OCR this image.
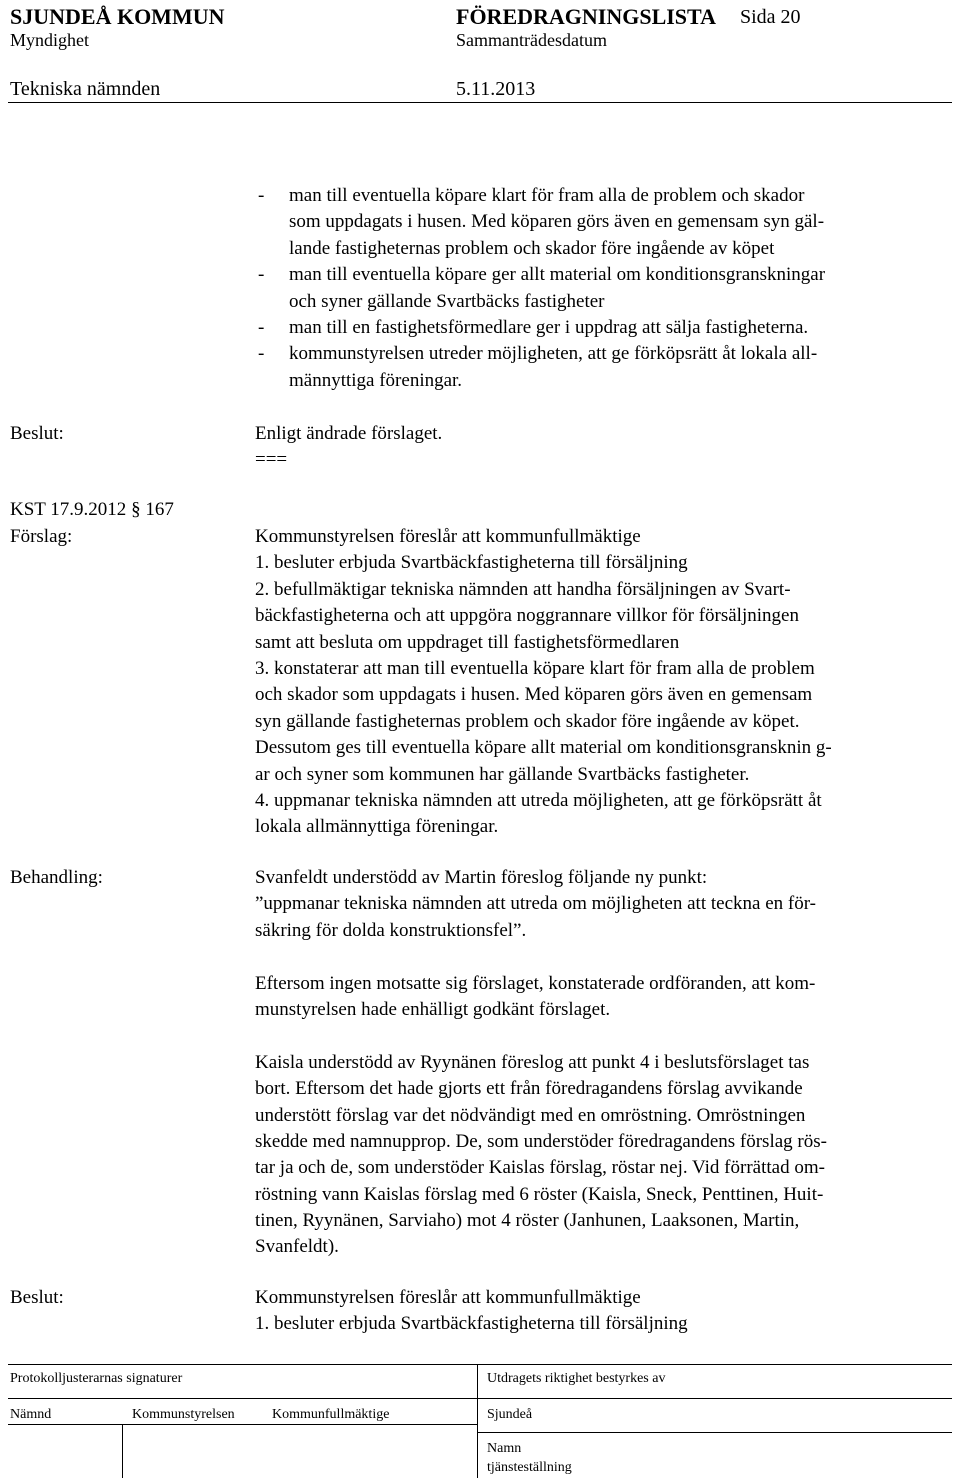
SJUNDEÅ KOMMUN	FÖREDRAGNINGSLISTA Sida 20
Myndighet	Sammanträdesdatum
Tekniska nämnden	5.11.2013
- man till eventuella köpare klart för fram alla de problem och skador
som uppdagats i husen. Med köparen görs även en gemensam syn gäl-
lande fastigheternas problem och skador före ingående av köpet
- man till eventuella köpare ger allt material om konditionsgranskningar
och syner gällande Svartbäcks fastigheter
- man till en fastighetsförmedlare ger i uppdrag att sälja fastigheterna.
- kommunstyrelsen utreder möjligheten, att ge förköpsrätt åt lokala all-
männyttiga föreningar.
Beslut:	Enligt ändrade förslaget.
===
KST 17.9.2012 § 167
Förslag:	Kommunstyrelsen föreslår att kommunfullmäktige
1. besluter erbjuda Svartbäckfastigheterna till försäljning
2. befullmäktigar tekniska nämnden att handha försäljningen av Svart-
bäckfastigheterna och att uppgöra noggrannare villkor för försäljningen
samt att besluta om uppdraget till fastighetsförmedlaren
3. konstaterar att man till eventuella köpare klart för fram alla de problem
och skador som uppdagats i husen. Med köparen görs även en gemensam
syn gällande fastigheternas problem och skador före ingående av köpet.
Dessutom ges till eventuella köpare allt material om konditionsgransknin g-
ar och syner som kommunen har gällande Svartbäcks fastigheter.
4. uppmanar tekniska nämnden att utreda möjligheten, att ge förköpsrätt åt
lokala allmännyttiga föreningar.
Behandling:	Svanfeldt understödd av Martin föreslog följande ny punkt:
”uppmanar tekniska nämnden att utreda om möjligheten att teckna en för-
säkring för dolda konstruktionsfel”.
Eftersom ingen motsatte sig förslaget, konstaterade ordföranden, att kom-
munstyrelsen hade enhälligt godkänt förslaget.
Kaisla understödd av Ryynänen föreslog att punkt 4 i beslutsförslaget tas
bort. Eftersom det hade gjorts ett från föredragandens förslag avvikande
understött förslag var det nödvändigt med en omröstning. Omröstningen
skedde med namnupprop. De, som understöder föredragandens förslag rös-
tar ja och de, som understöder Kaislas förslag, röstar nej. Vid förrättad om-
röstning vann Kaislas förslag med 6 röster (Kaisla, Sneck, Penttinen, Huit-
tinen, Ryynänen, Sarviaho) mot 4 röster (Janhunen, Laaksonen, Martin,
Svanfeldt).
Beslut:	Kommunstyrelsen föreslår att kommunfullmäktige
1. besluter erbjuda Svartbäckfastigheterna till försäljning
Protokolljusterarnas signaturer	Utdragets riktighet bestyrkes av
Nämnd	Kommunstyrelsen	Kommunfullmäktige	Sjundeå
Namn
tjänsteställning
